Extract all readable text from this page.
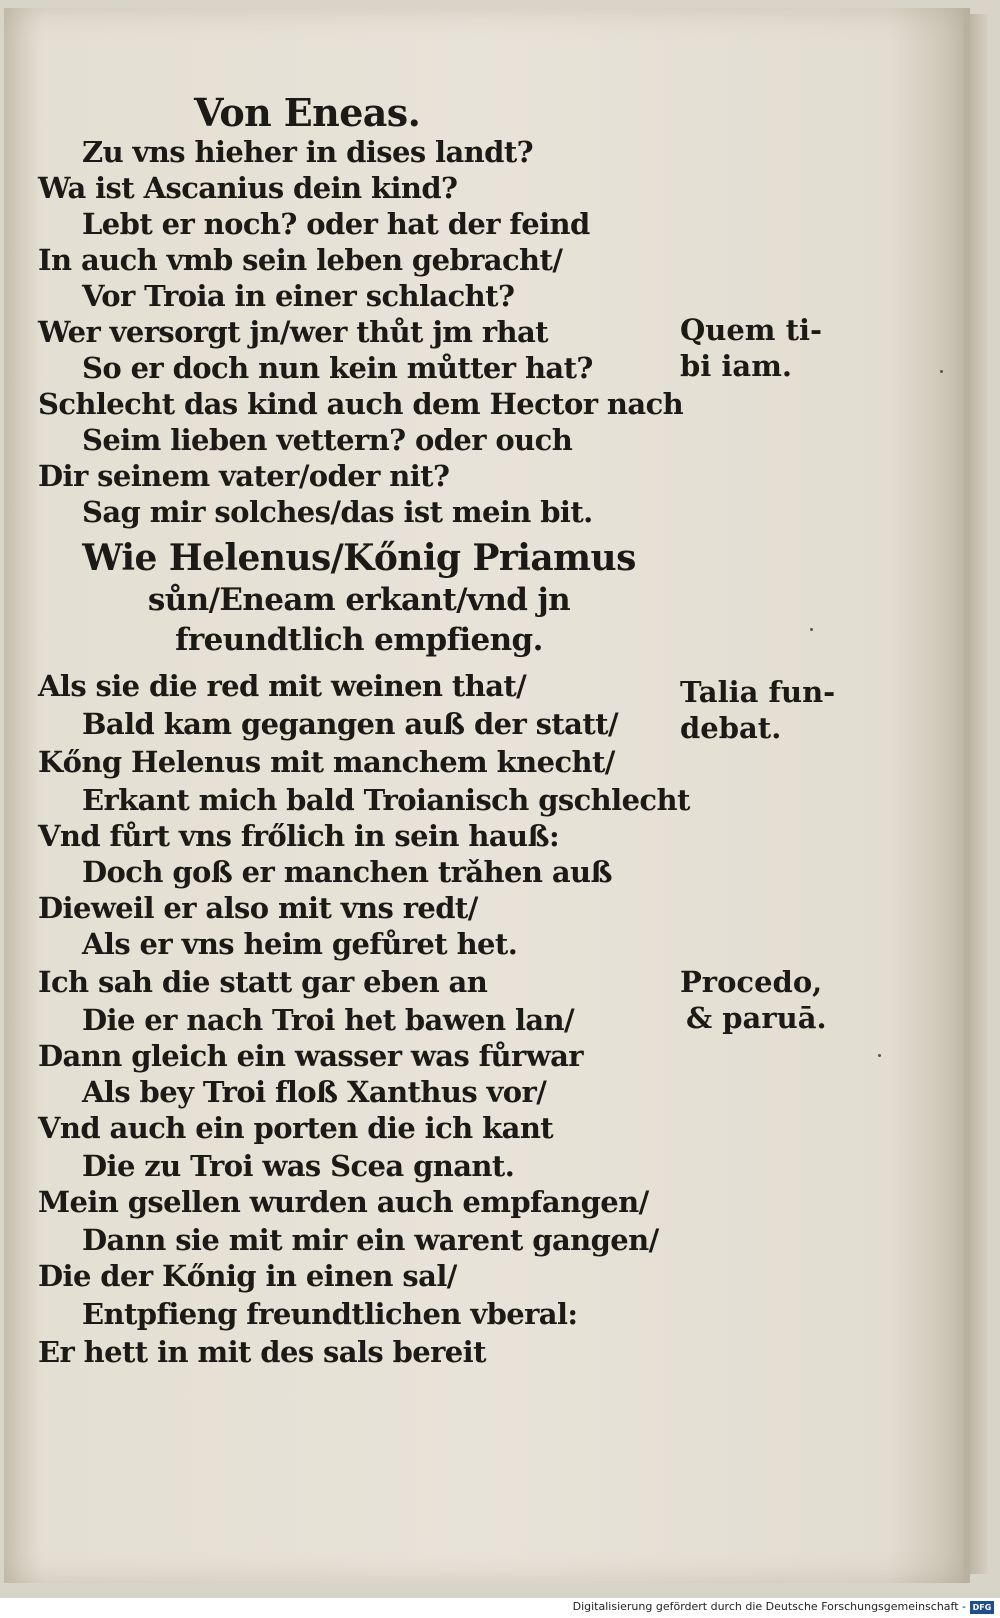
Von Eneas.
Zu vns hieher in dises landt?
Wa ist Ascanius dein kind?
Lebt er noch? oder hat der feind
In auch vmb sein leben gebracht/
Vor Troia in einer schlacht?
Wer versorgt jn/wer thůt jm rhat
So er doch nun kein můtter hat?
Schlecht das kind auch dem Hector nach
Seim lieben vettern? oder ouch
Dir seinem vater/oder nit?
Sag mir solches/das ist mein bit.
Wie Helenus/Kőnig Priamus
sůn/Eneam erkant/vnd jn
freundtlich empfieng.
Als sie die red mit weinen that/
Bald kam gegangen auß der statt/
Kőng Helenus mit manchem knecht/
Erkant mich bald Troianisch gschlecht
Vnd fůrt vns frőlich in sein hauß:
Doch goß er manchen trǎhen auß
Dieweil er also mit vns redt/
Als er vns heim gefůret het.
Ich sah die statt gar eben an
Die er nach Troi het bawen lan/
Dann gleich ein wasser was fůrwar
Als bey Troi floß Xanthus vor/
Vnd auch ein porten die ich kant
Die zu Troi was Scea gnant.
Mein gsellen wurden auch empfangen/
Dann sie mit mir ein warent gangen/
Die der Kőnig in einen sal/
Entpfieng freundtlichen vberal:
Er hett in mit des sals bereit
Quem ti-
bi iam.
Talia fun-
debat.
Procedo,
& paruā.
Digitalisierung gefördert durch die Deutsche Forschungsgemeinschaft - DFG
